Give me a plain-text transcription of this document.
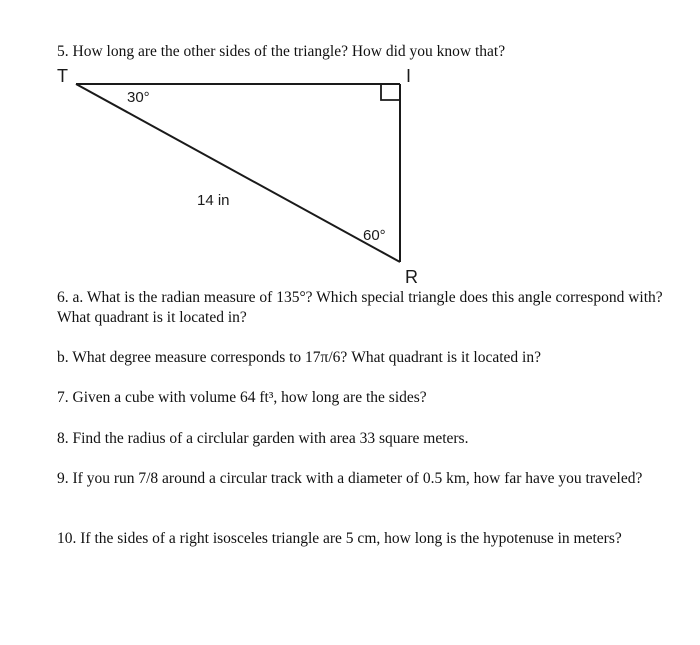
5. How long are the other sides of the triangle? How did you know that?

T	I
R
30°
14 in
60°

6. a. What is the radian measure of 135°? Which special triangle does this angle correspond with? What quadrant is it located in?

b. What degree measure corresponds to 17π/6? What quadrant is it located in?

7. Given a cube with volume 64 ft³, how long are the sides?

8. Find the radius of a circlular garden with area 33 square meters.

9. If you run 7/8 around a circular track with a diameter of 0.5 km, how far have you traveled?

10. If the sides of a right isosceles triangle are 5 cm, how long is the hypotenuse in meters?
